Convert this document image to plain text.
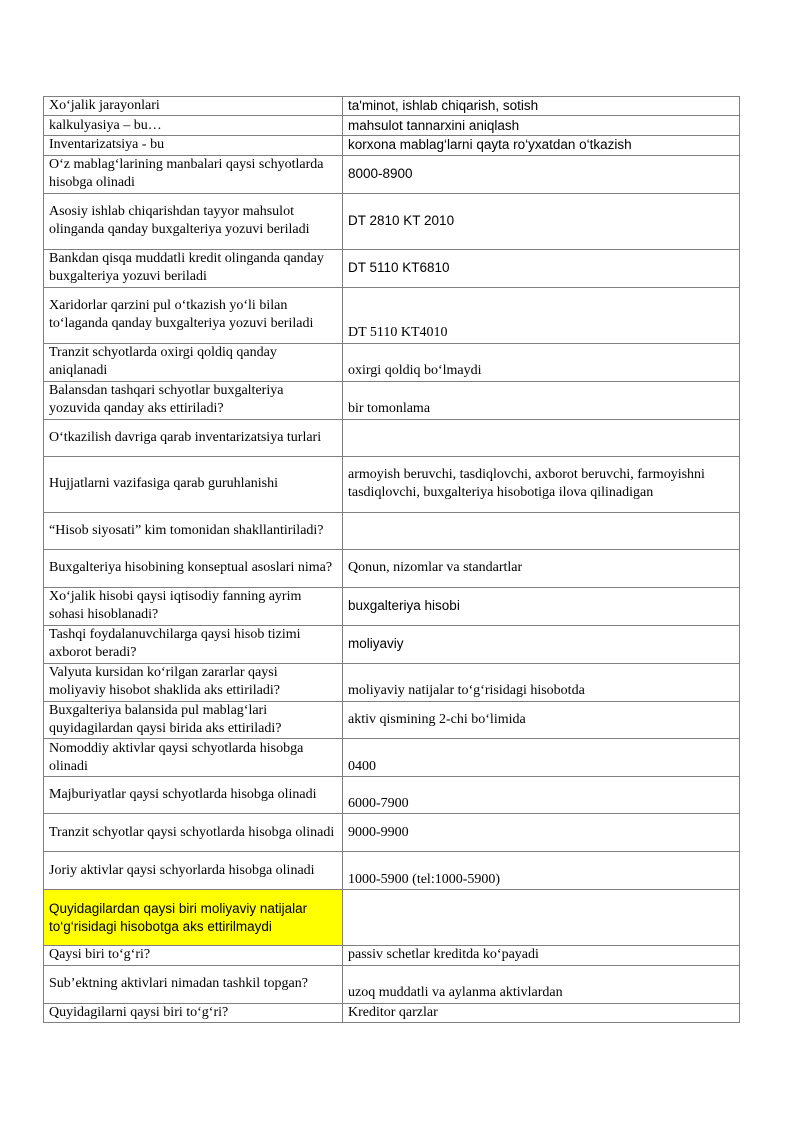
Xo‘jalik jarayonlari	ta'minot, ishlab chiqarish, sotish
kalkulyasiya – bu…	mahsulot tannarxini aniqlash
Inventarizatsiya - bu	korxona mablag‘larni qayta ro‘yxatdan o‘tkazish
O‘z mablag‘larining manbalari qaysi schyotlarda hisobga olinadi	8000-8900
Asosiy ishlab chiqarishdan tayyor mahsulot olinganda qanday buxgalteriya yozuvi beriladi	DT 2810 KT 2010
Bankdan qisqa muddatli kredit olinganda qanday buxgalteriya yozuvi beriladi	DT 5110 KT6810
Xaridorlar qarzini pul o‘tkazish yo‘li bilan to‘laganda qanday buxgalteriya yozuvi beriladi	DT 5110 KT4010
Tranzit schyotlarda oxirgi qoldiq qanday aniqlanadi	oxirgi qoldiq bo‘lmaydi
Balansdan tashqari schyotlar buxgalteriya yozuvida qanday aks ettiriladi?	bir tomonlama
O‘tkazilish davriga qarab inventarizatsiya turlari	
Hujjatlarni vazifasiga qarab guruhlanishi	armoyish beruvchi, tasdiqlovchi, axborot beruvchi, farmoyishni tasdiqlovchi, buxgalteriya hisobotiga ilova qilinadigan
“Hisob siyosati” kim tomonidan shakllantiriladi?	
Buxgalteriya hisobining konseptual asoslari nima?	Qonun, nizomlar va standartlar
Xo‘jalik hisobi qaysi iqtisodiy fanning ayrim sohasi hisoblanadi?	buxgalteriya hisobi
Tashqi foydalanuvchilarga qaysi hisob tizimi axborot beradi?	moliyaviy
Valyuta kursidan ko‘rilgan zararlar qaysi moliyaviy hisobot shaklida aks ettiriladi?	moliyaviy natijalar to‘g‘risidagi hisobotda
Buxgalteriya balansida pul mablag‘lari quyidagilardan qaysi birida aks ettiriladi?	aktiv qismining 2-chi bo‘limida
Nomoddiy aktivlar qaysi schyotlarda hisobga olinadi	0400
Majburiyatlar qaysi schyotlarda hisobga olinadi	6000-7900
Tranzit schyotlar qaysi schyotlarda hisobga olinadi	9000-9900
Joriy aktivlar qaysi schyorlarda hisobga olinadi	1000-5900 (tel:1000-5900)
Quyidagilardan qaysi biri moliyaviy natijalar to‘g‘risidagi hisobotga aks ettirilmaydi	
Qaysi biri to‘g‘ri?	passiv schetlar kreditda ko‘payadi
Sub’ektning aktivlari nimadan tashkil topgan?	uzoq muddatli va aylanma aktivlardan
Quyidagilarni qaysi biri to‘g‘ri?	Kreditor qarzlar
